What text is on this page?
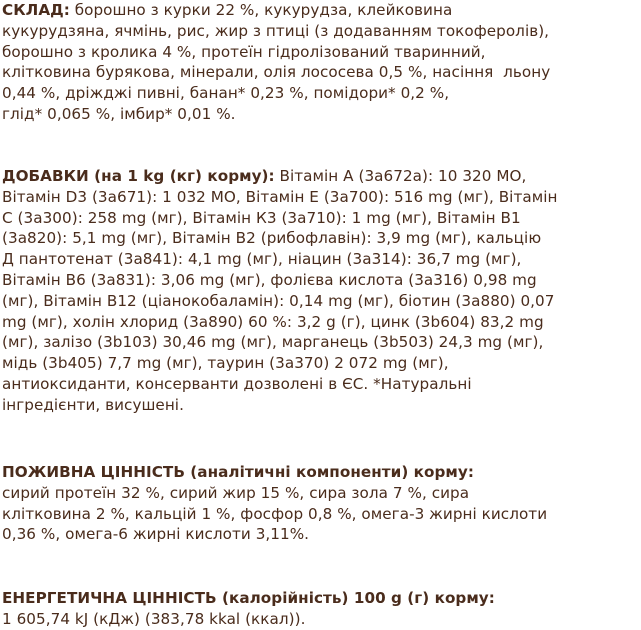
СКЛАД: борошно з курки 22 %, кукурудза, клейковина
кукурудзяна, ячмінь, рис, жир з птиці (з додаванням токоферолів),
борошно з кролика 4 %, протеїн гідролізований тваринний,
клітковина бурякова, мінерали, олія лососева 0,5 %, насіння  льону
0,44 %, дріжджі пивні, банан* 0,23 %, помідори* 0,2 %,
глід* 0,065 %, імбир* 0,01 %.
ДОБАВКИ (на 1 kg (кг) корму): Вітамін A (3a672a): 10 320 МО,
Вітамін D3 (3a671): 1 032 МО, Вітамін E (3a700): 516 mg (мг), Вітамін
C (3a300): 258 mg (мг), Вітамін К3 (3a710): 1 mg (мг), Вітамін B1
(3a820): 5,1 mg (мг), Вітамін B2 (рибофлавін): 3,9 mg (мг), кальцію
Д пантотенат (3a841): 4,1 mg (мг), ніацин (3a314): 36,7 mg (мг),
Вітамін B6 (3a831): 3,06 mg (мг), фолієва кислота (3a316) 0,98 mg
(мг), Вітамін В12 (ціанокобаламін): 0,14 mg (мг), біотин (3a880) 0,07
mg (мг), холін хлорид (3a890) 60 %: 3,2 g (г), цинк (3b604) 83,2 mg
(мг), залізо (3b103) 30,46 mg (мг), марганець (3b503) 24,3 mg (мг),
мідь (3b405) 7,7 mg (мг), таурин (3a370) 2 072 mg (мг),
антиоксиданти, консерванти дозволені в ЄС. *Натуральні
інгредієнти, висушені.
ПОЖИВНА ЦІННІСТЬ (аналітичні компоненти) корму:
сирий протеїн 32 %, сирий жир 15 %, сира зола 7 %, сира
клітковина 2 %, кальцій 1 %, фосфор 0,8 %, омега-3 жирні кислоти
0,36 %, омега-6 жирні кислоти 3,11%.
ЕНЕРГЕТИЧНА ЦІННІСТЬ (калорійність) 100 g (г) корму:
1 605,74 kJ (кДж) (383,78 kkal (ккал)).
